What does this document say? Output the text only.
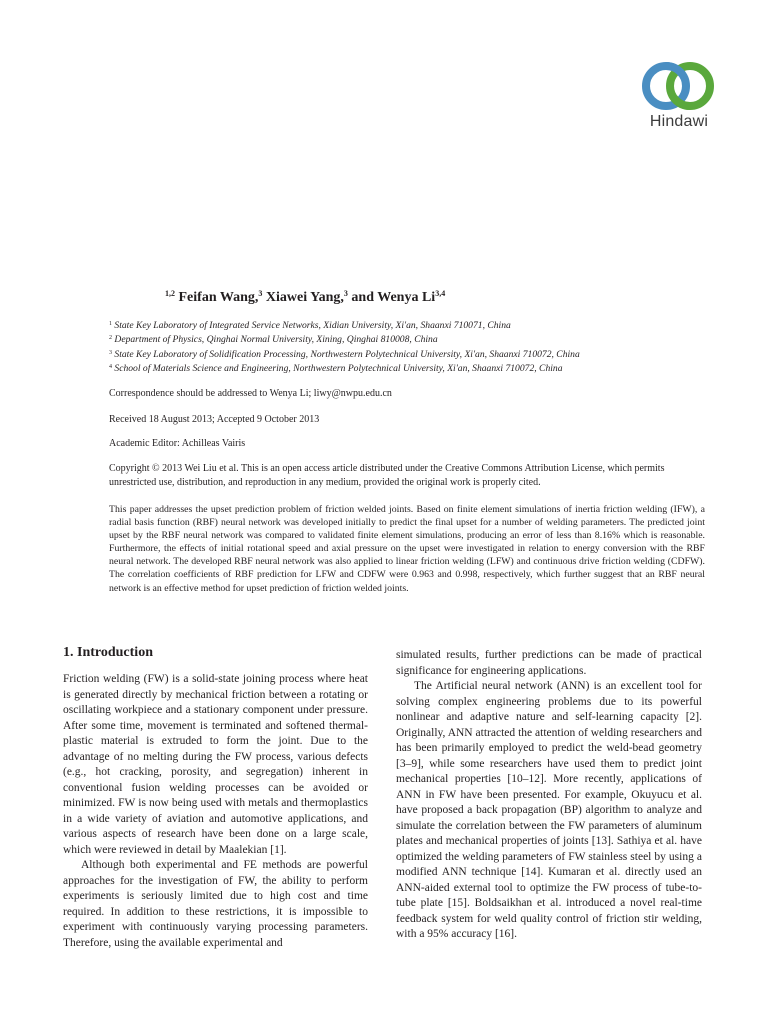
Hindawi
$^{1,2}$ Feifan Wang,$^3$ Xiawei Yang,$^3$ and Wenya Li$^{3,4}$
$^1$ State Key Laboratory of Integrated Service Networks, Xidian University, Xi'an, Shaanxi 710071, China
$^2$ Department of Physics, Qinghai Normal University, Xining, Qinghai 810008, China
$^3$ State Key Laboratory of Solidification Processing, Northwestern Polytechnical University, Xi'an, Shaanxi 710072, China
$^4$ School of Materials Science and Engineering, Northwestern Polytechnical University, Xi'an, Shaanxi 710072, China
Correspondence should be addressed to Wenya Li; liwy@nwpu.edu.cn
Received 18 August 2013; Accepted 9 October 2013
Academic Editor: Achilleas Vairis
Copyright © 2013 Wei Liu et al. This is an open access article distributed under the Creative Commons Attribution License, which permits unrestricted use, distribution, and reproduction in any medium, provided the original work is properly cited.
This paper addresses the upset prediction problem of friction welded joints. Based on finite element simulations of inertia friction welding (IFW), a radial basis function (RBF) neural network was developed initially to predict the final upset for a number of welding parameters. The predicted joint upset by the RBF neural network was compared to validated finite element simulations, producing an error of less than 8.16% which is reasonable. Furthermore, the effects of initial rotational speed and axial pressure on the upset were investigated in relation to energy conversion with the RBF neural network. The developed RBF neural network was also applied to linear friction welding (LFW) and continuous drive friction welding (CDFW). The correlation coefficients of RBF prediction for LFW and CDFW were 0.963 and 0.998, respectively, which further suggest that an RBF neural network is an effective method for upset prediction of friction welded joints.
1. Introduction

Friction welding (FW) is a solid-state joining process where heat is generated directly by mechanical friction between a rotating or oscillating workpiece and a stationary component under pressure. After some time, movement is terminated and softened thermal-plastic material is extruded to form the joint. Due to the advantage of no melting during the FW process, various defects (e.g., hot cracking, porosity, and segregation) inherent in conventional fusion welding processes can be avoided or minimized. FW is now being used with metals and thermoplastics in a wide variety of aviation and automotive applications, and various aspects of research have been done on a large scale, which were reviewed in detail by Maalekian [1].

Although both experimental and FE methods are powerful approaches for the investigation of FW, the ability to perform experiments is seriously limited due to high cost and time required. In addition to these restrictions, it is impossible to experiment with continuously varying processing parameters. Therefore, using the available experimental and

simulated results, further predictions can be made of practical significance for engineering applications.

The Artificial neural network (ANN) is an excellent tool for solving complex engineering problems due to its powerful nonlinear and adaptive nature and self-learning capacity [2]. Originally, ANN attracted the attention of welding researchers and has been primarily employed to predict the weld-bead geometry [3–9], while some researchers have used them to predict joint mechanical properties [10–12]. More recently, applications of ANN in FW have been presented. For example, Okuyucu et al. have proposed a back propagation (BP) algorithm to analyze and simulate the correlation between the FW parameters of aluminum plates and mechanical properties of joints [13]. Sathiya et al. have optimized the welding parameters of FW stainless steel by using a modified ANN technique [14]. Kumaran et al. directly used an ANN-aided external tool to optimize the FW process of tube-to-tube plate [15]. Boldsaikhan et al. introduced a novel real-time feedback system for weld quality control of friction stir welding, with a 95% accuracy [16].
